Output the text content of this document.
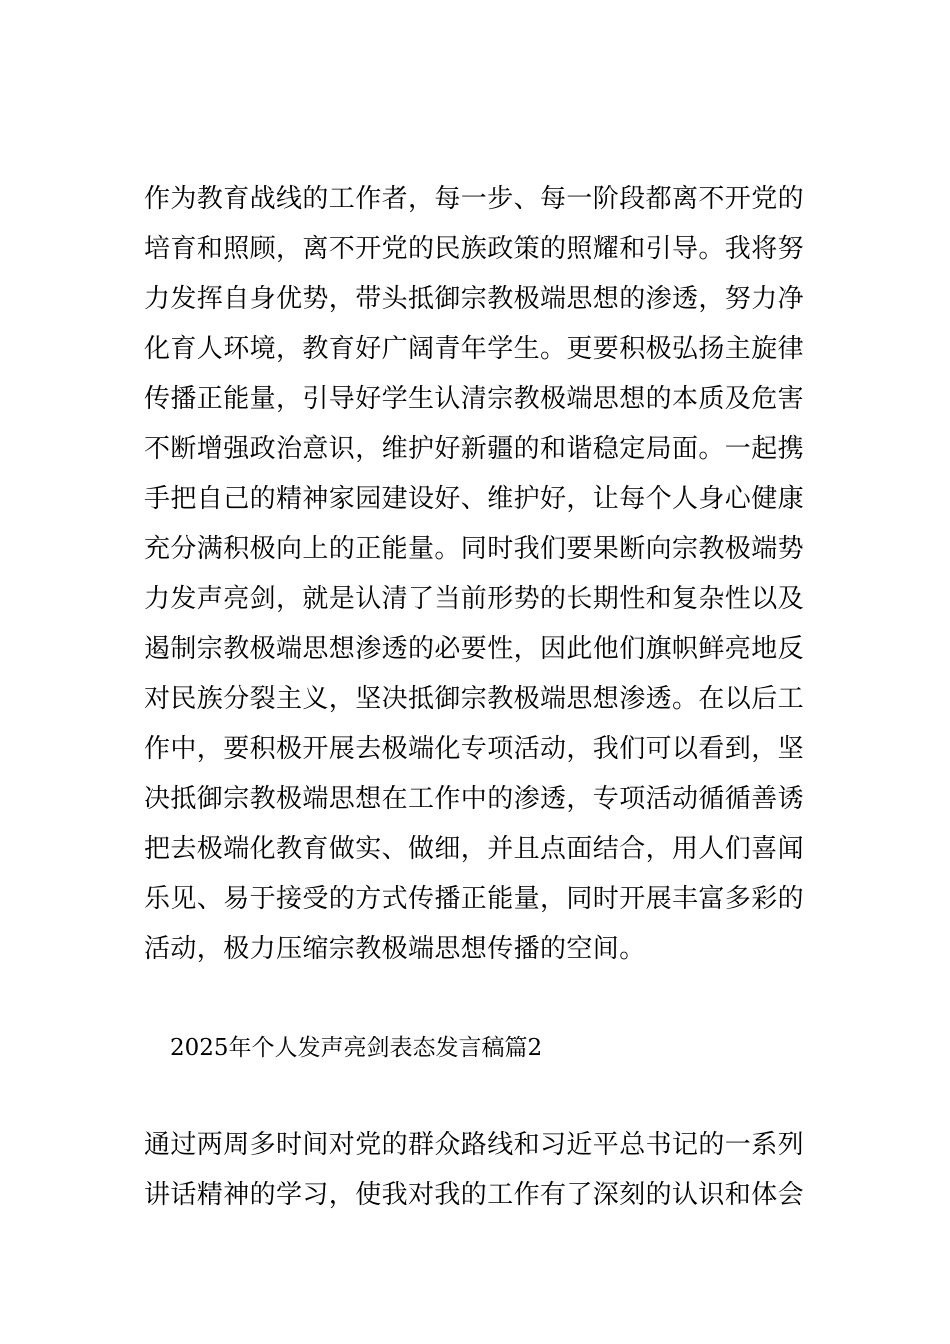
作为教育战线的工作者，每一步、每一阶段都离不开党的
培育和照顾，离不开党的民族政策的照耀和引导。我将努
力发挥自身优势，带头抵御宗教极端思想的渗透，努力净
化育人环境，教育好广阔青年学生。更要积极弘扬主旋律
传播正能量，引导好学生认清宗教极端思想的本质及危害
不断增强政治意识，维护好新疆的和谐稳定局面。一起携
手把自己的精神家园建设好、维护好，让每个人身心健康
充分满积极向上的正能量。同时我们要果断向宗教极端势
力发声亮剑，就是认清了当前形势的长期性和复杂性以及
遏制宗教极端思想渗透的必要性，因此他们旗帜鲜亮地反
对民族分裂主义，坚决抵御宗教极端思想渗透。在以后工
作中，要积极开展去极端化专项活动，我们可以看到，坚
决抵御宗教极端思想在工作中的渗透，专项活动循循善诱
把去极端化教育做实、做细，并且点面结合，用人们喜闻
乐见、易于接受的方式传播正能量，同时开展丰富多彩的
活动，极力压缩宗教极端思想传播的空间。
2025年个人发声亮剑表态发言稿篇2
通过两周多时间对党的群众路线和习近平总书记的一系列
讲话精神的学习，使我对我的工作有了深刻的认识和体会
